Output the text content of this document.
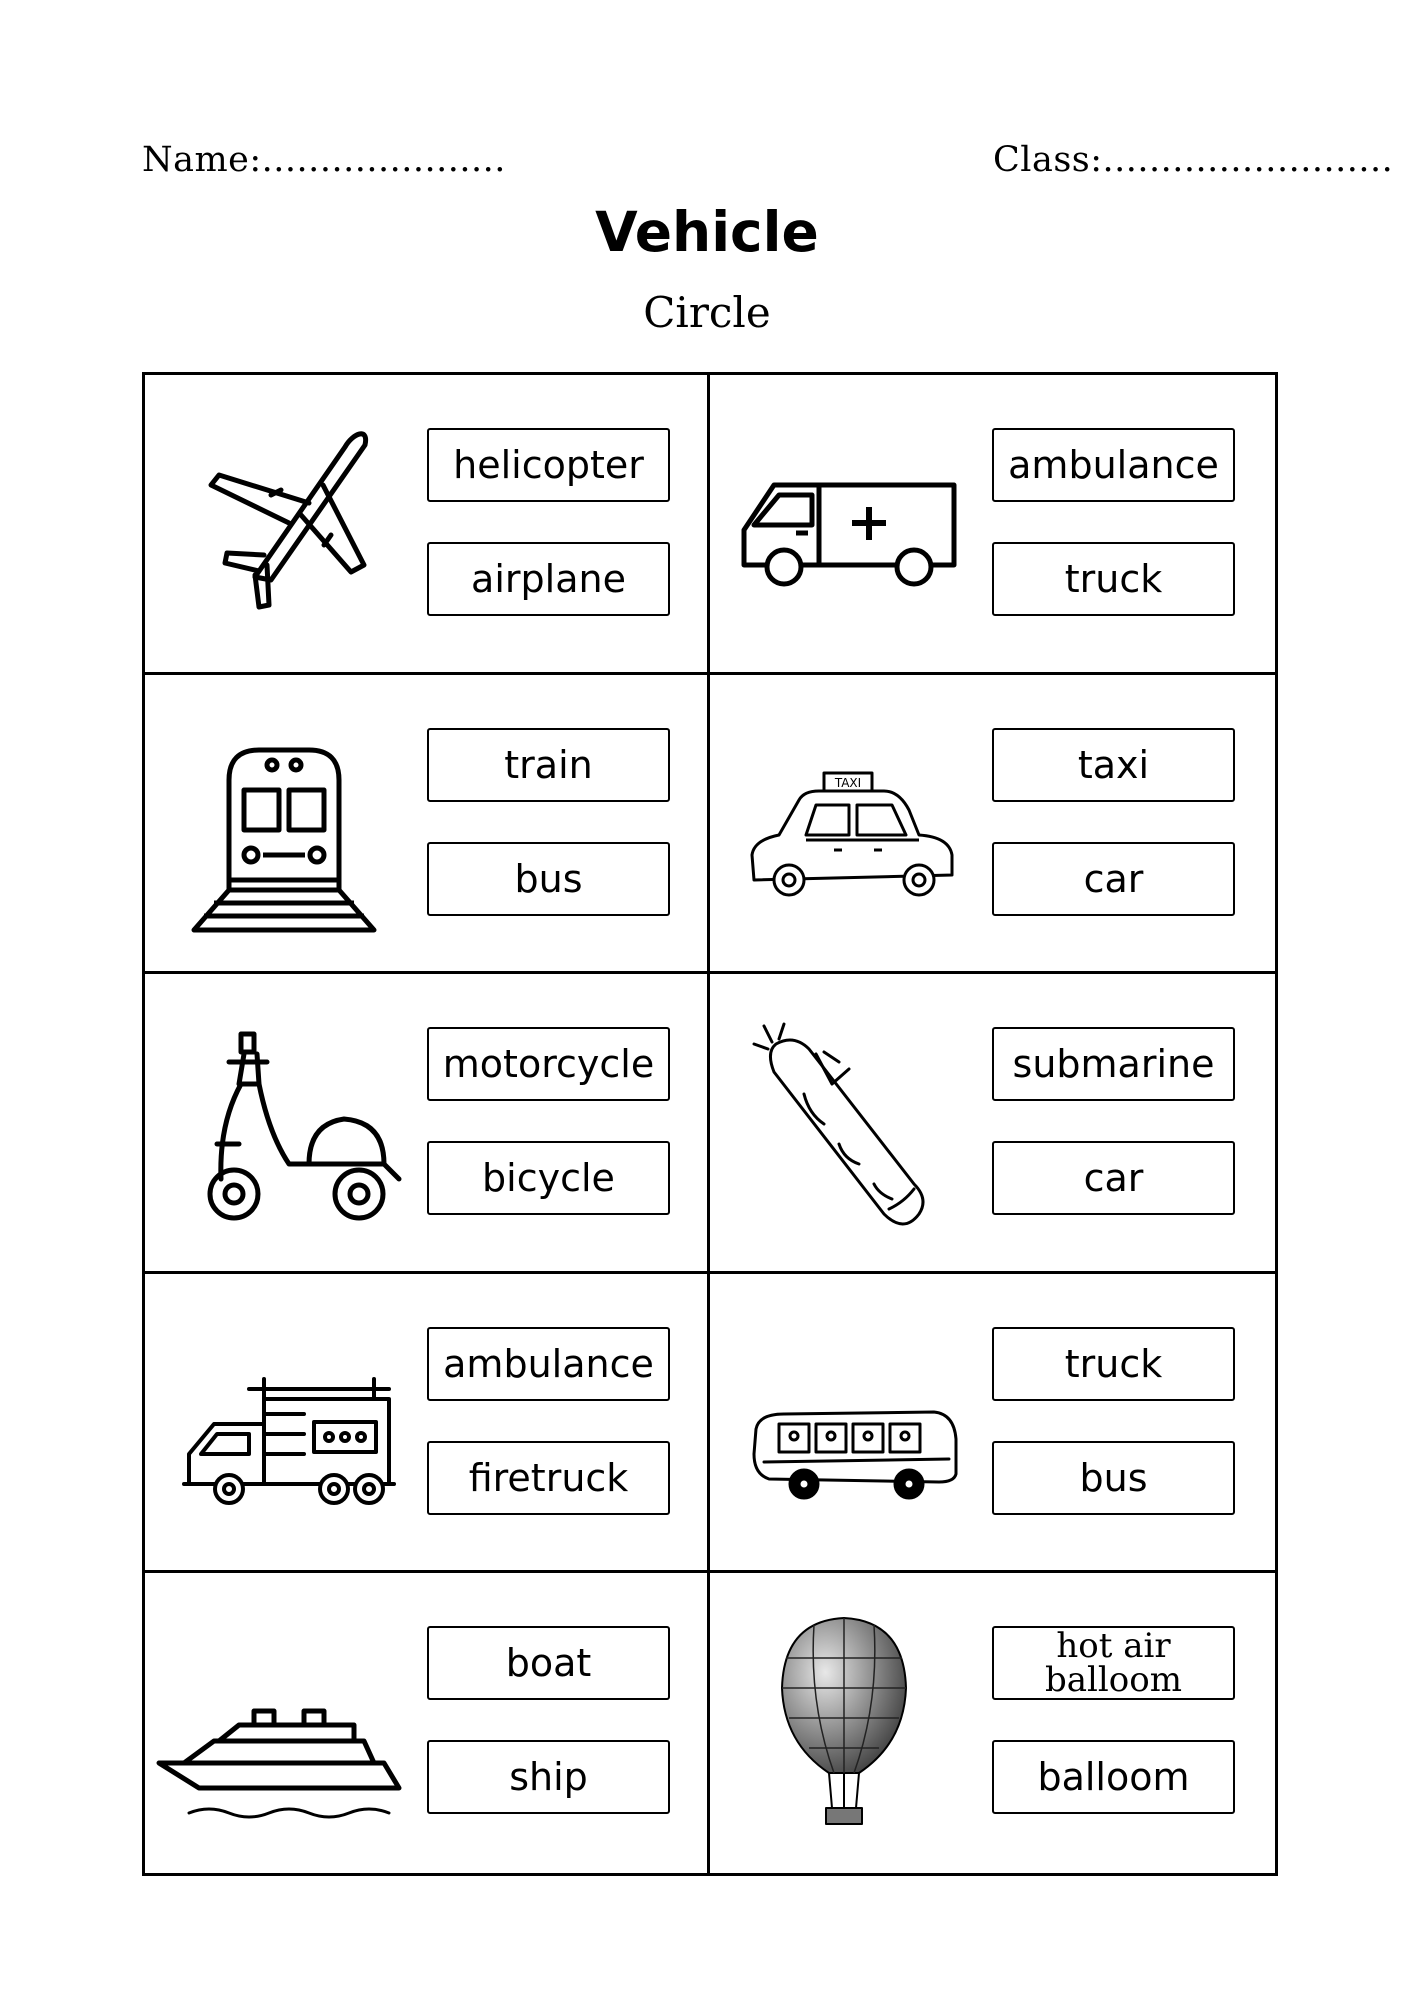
Name:.....................	Class:.........................
Vehicle
Circle
helicopter
airplane
ambulance
truck
train
bus
TAXI	taxi
car
motorcycle
bicycle
submarine
car
ambulance
firetruck
truck
bus
boat
ship
hot air balloom
balloom
